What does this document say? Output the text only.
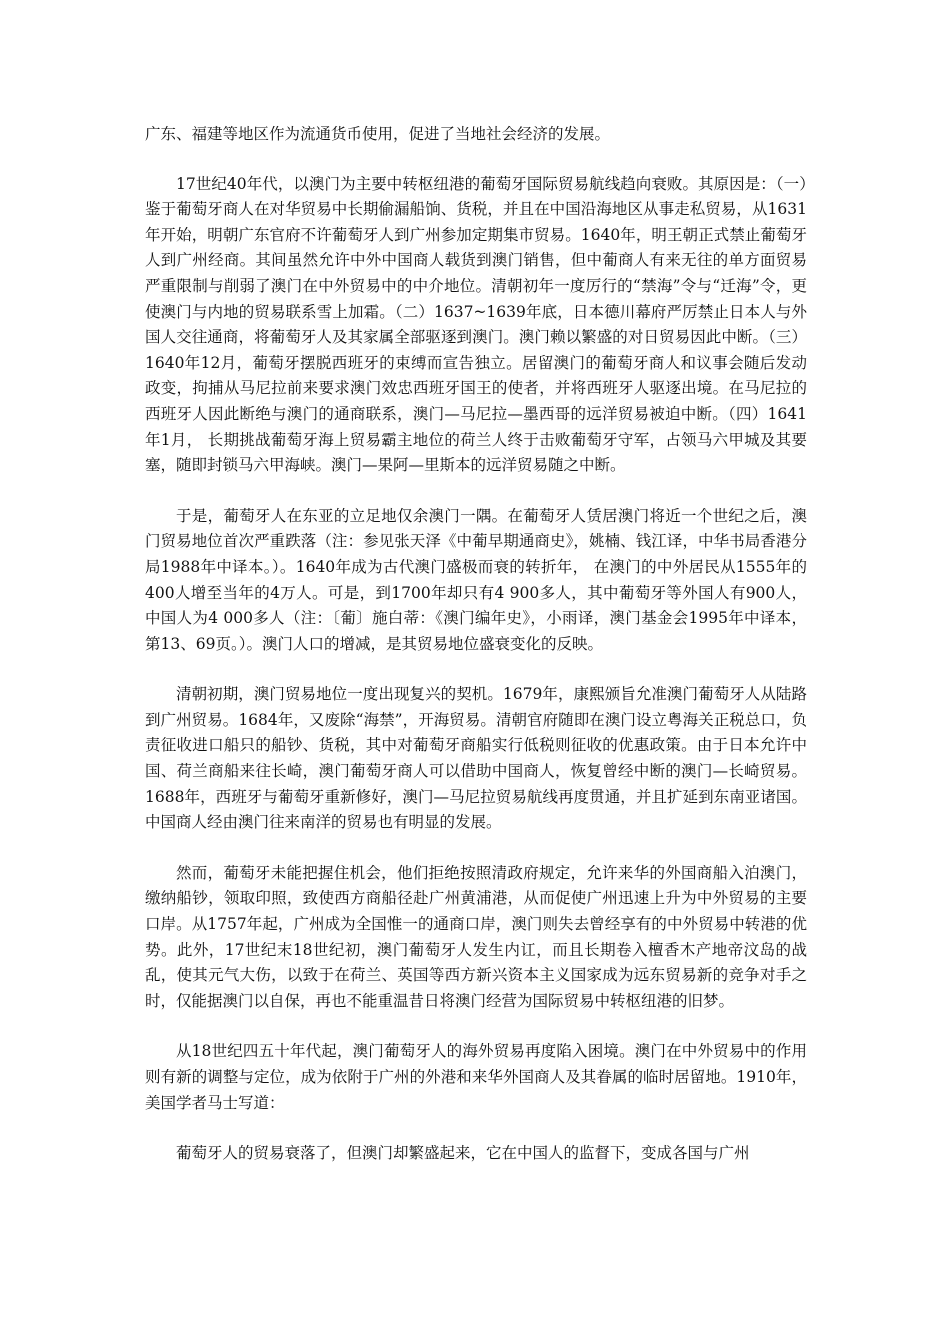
广东、福建等地区作为流通货币使用，促进了当地社会经济的发展。

17世纪40年代，以澳门为主要中转枢纽港的葡萄牙国际贸易航线趋向衰败。其原因是：（一）鉴于葡萄牙商人在对华贸易中长期偷漏船饷、货税，并且在中国沿海地区从事走私贸易，从1631年开始，明朝广东官府不许葡萄牙人到广州参加定期集市贸易。1640年，明王朝正式禁止葡萄牙人到广州经商。其间虽然允许中外中国商人载货到澳门销售，但中葡商人有来无往的单方面贸易严重限制与削弱了澳门在中外贸易中的中介地位。清朝初年一度厉行的“禁海”令与“迁海”令，更使澳门与内地的贸易联系雪上加霜。（二）1637~1639年底，日本德川幕府严厉禁止日本人与外国人交往通商，将葡萄牙人及其家属全部驱逐到澳门。澳门赖以繁盛的对日贸易因此中断。（三）1640年12月，葡萄牙摆脱西班牙的束缚而宣告独立。居留澳门的葡萄牙商人和议事会随后发动政变，拘捕从马尼拉前来要求澳门效忠西班牙国王的使者，并将西班牙人驱逐出境。在马尼拉的西班牙人因此断绝与澳门的通商联系，澳门—马尼拉—墨西哥的远洋贸易被迫中断。（四）1641年1月， 长期挑战葡萄牙海上贸易霸主地位的荷兰人终于击败葡萄牙守军，占领马六甲城及其要塞，随即封锁马六甲海峡。澳门—果阿—里斯本的远洋贸易随之中断。

于是，葡萄牙人在东亚的立足地仅余澳门一隅。在葡萄牙人赁居澳门将近一个世纪之后，澳门贸易地位首次严重跌落（注：参见张天泽《中葡早期通商史》，姚楠、钱江译，中华书局香港分局1988年中译本。）。1640年成为古代澳门盛极而衰的转折年， 在澳门的中外居民从1555年的400人增至当年的4万人。可是，到1700年却只有4 900多人，其中葡萄牙等外国人有900人，中国人为4 000多人（注：〔葡〕施白蒂：《澳门编年史》，小雨译，澳门基金会1995年中译本，第13、69页。）。澳门人口的增减，是其贸易地位盛衰变化的反映。

清朝初期，澳门贸易地位一度出现复兴的契机。1679年，康熙颁旨允准澳门葡萄牙人从陆路到广州贸易。1684年，又废除“海禁”，开海贸易。清朝官府随即在澳门设立粤海关正税总口，负责征收进口船只的船钞、货税，其中对葡萄牙商船实行低税则征收的优惠政策。由于日本允许中国、荷兰商船来往长崎，澳门葡萄牙商人可以借助中国商人，恢复曾经中断的澳门—长崎贸易。1688年，西班牙与葡萄牙重新修好，澳门—马尼拉贸易航线再度贯通，并且扩延到东南亚诸国。中国商人经由澳门往来南洋的贸易也有明显的发展。

然而，葡萄牙未能把握住机会，他们拒绝按照清政府规定，允许来华的外国商船入泊澳门，缴纳船钞，领取印照，致使西方商船径赴广州黄浦港，从而促使广州迅速上升为中外贸易的主要口岸。从1757年起，广州成为全国惟一的通商口岸，澳门则失去曾经享有的中外贸易中转港的优势。此外，17世纪末18世纪初，澳门葡萄牙人发生内讧，而且长期卷入檀香木产地帝汶岛的战乱，使其元气大伤，以致于在荷兰、英国等西方新兴资本主义国家成为远东贸易新的竞争对手之时，仅能据澳门以自保，再也不能重温昔日将澳门经营为国际贸易中转枢纽港的旧梦。

从18世纪四五十年代起，澳门葡萄牙人的海外贸易再度陷入困境。澳门在中外贸易中的作用则有新的调整与定位，成为依附于广州的外港和来华外国商人及其眷属的临时居留地。1910年，美国学者马士写道：

葡萄牙人的贸易衰落了，但澳门却繁盛起来，它在中国人的监督下，变成各国与广州
